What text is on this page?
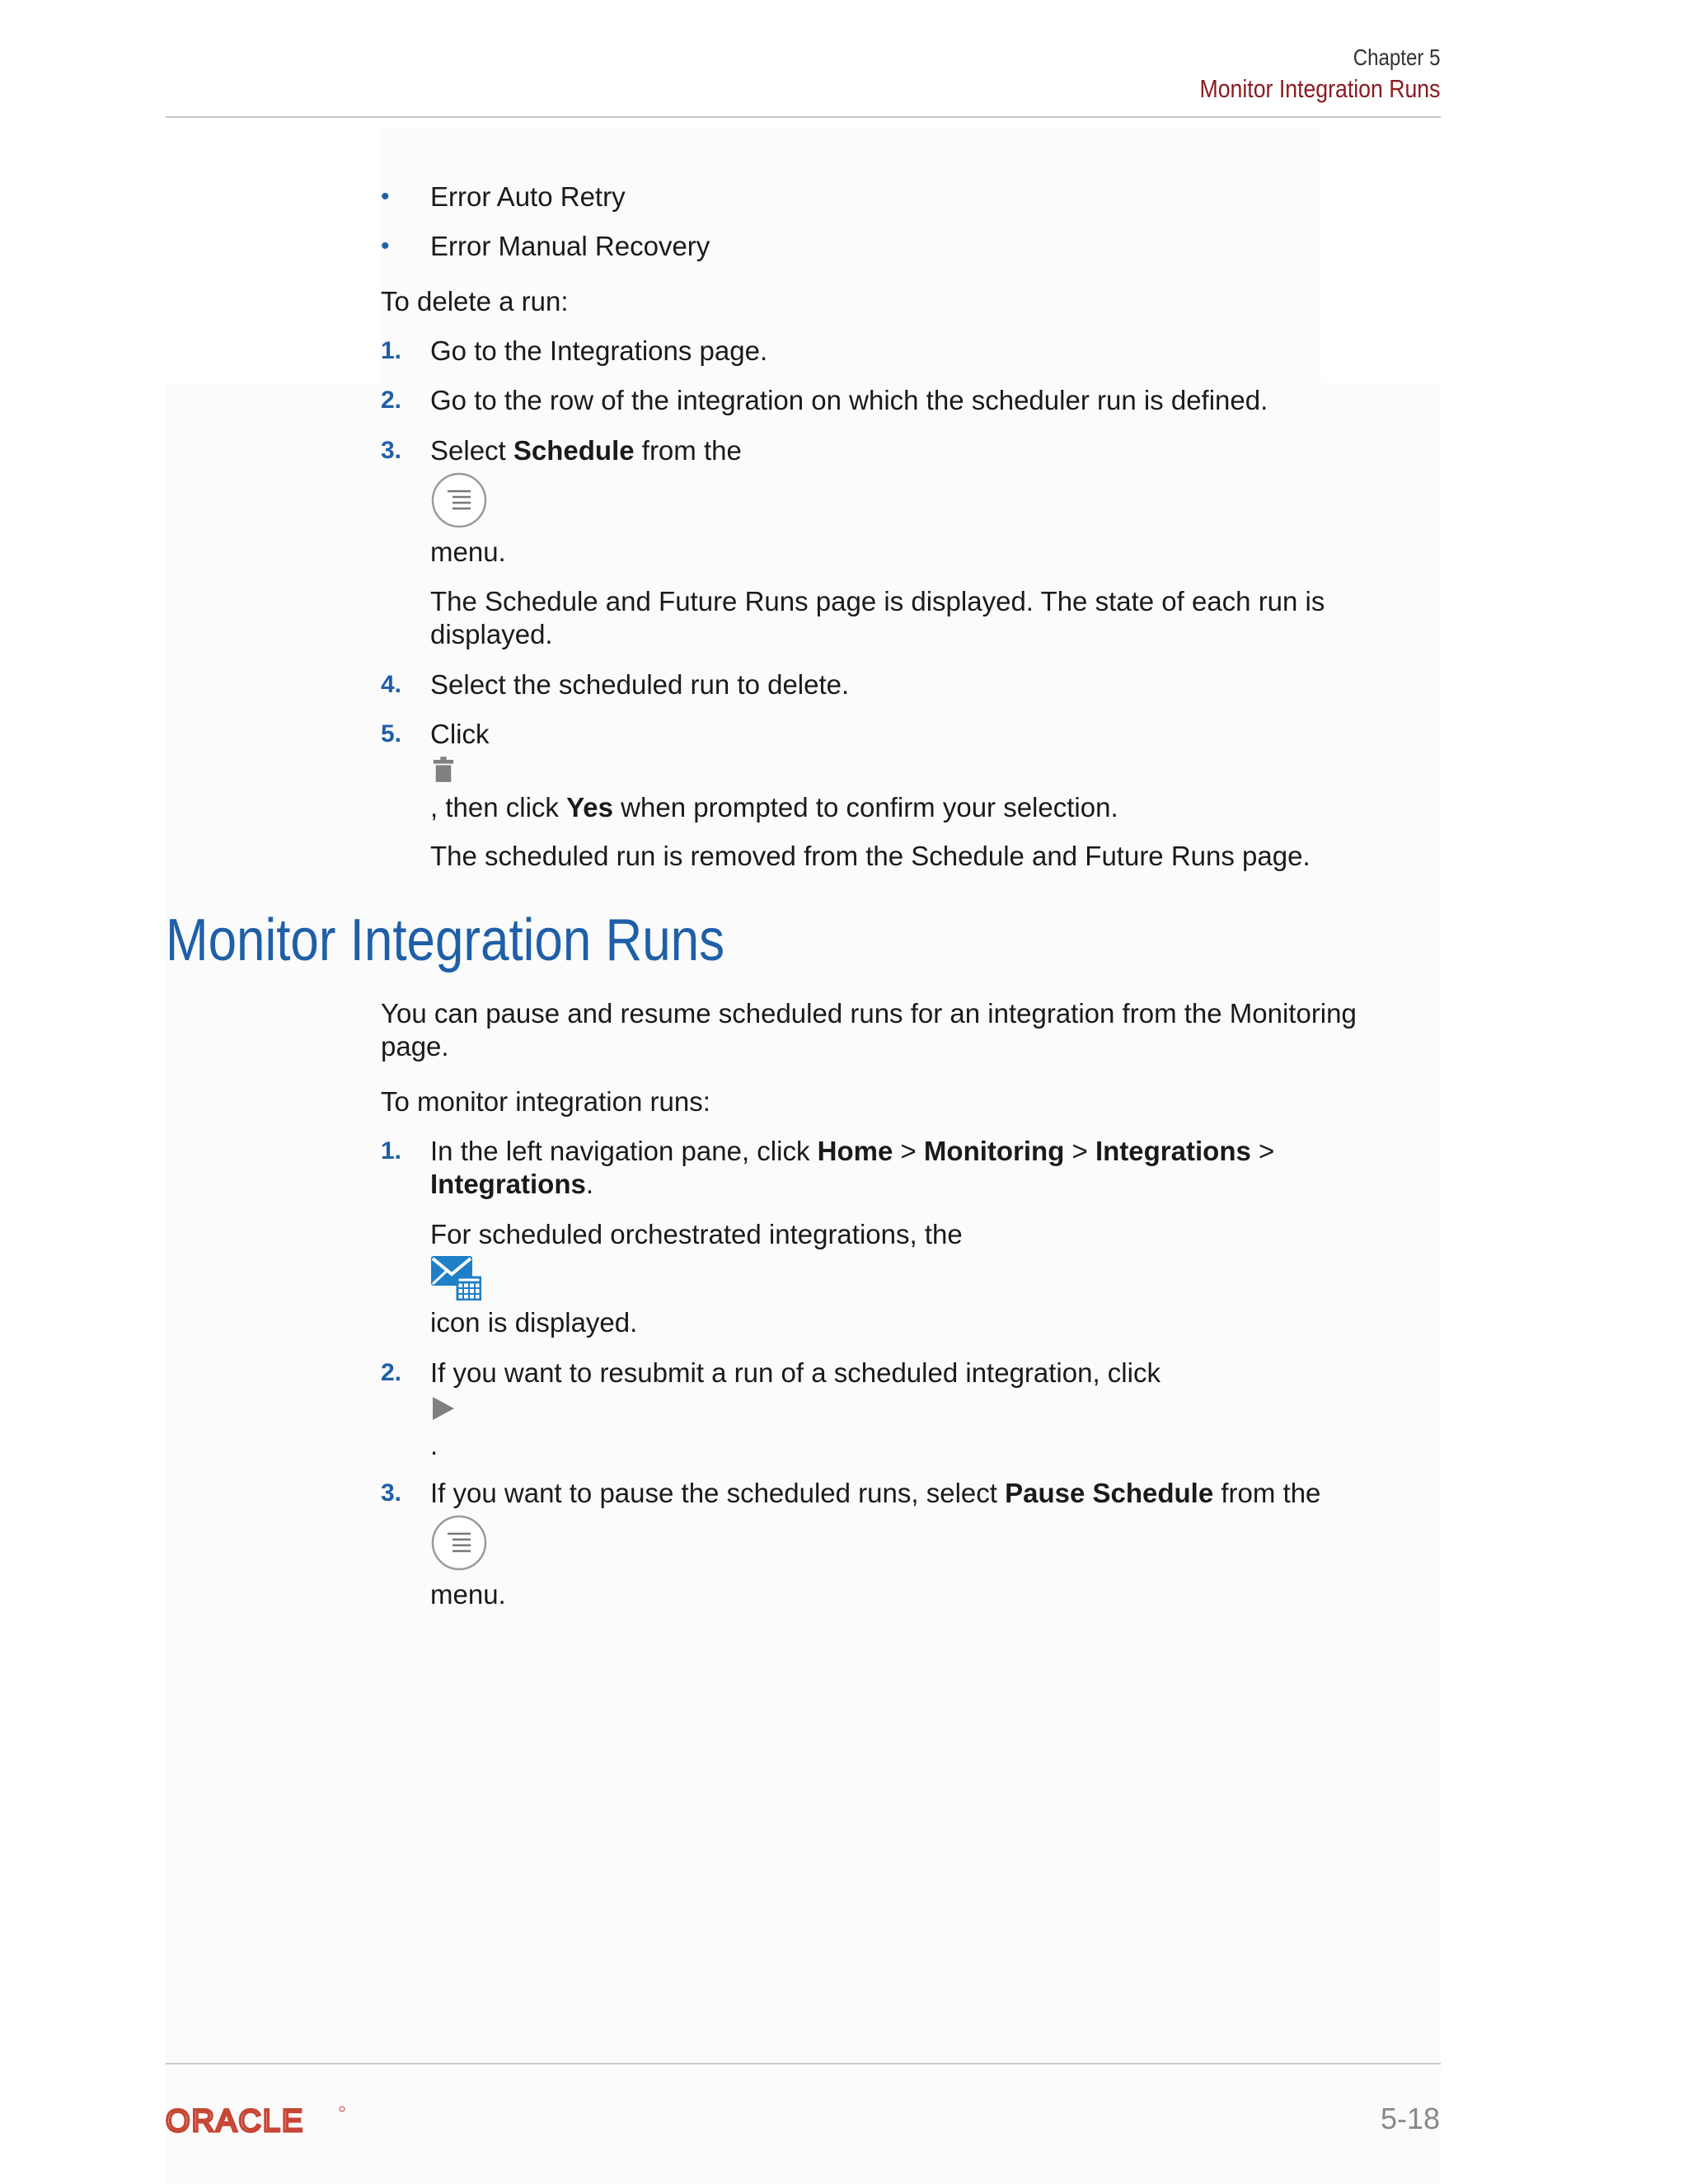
Chapter 5
Monitor Integration Runs
• Error Auto Retry
• Error Manual Recovery
To delete a run:
1. Go to the Integrations page.
2. Go to the row of the integration on which the scheduler run is defined.
3. Select Schedule from the
menu.
The Schedule and Future Runs page is displayed. The state of each run is displayed.
4. Select the scheduled run to delete.
5. Click
, then click Yes when prompted to confirm your selection.
The scheduled run is removed from the Schedule and Future Runs page.
Monitor Integration Runs
You can pause and resume scheduled runs for an integration from the Monitoring page.
To monitor integration runs:
1. In the left navigation pane, click Home > Monitoring > Integrations >
Integrations.
For scheduled orchestrated integrations, the
icon is displayed.
2. If you want to resubmit a run of a scheduled integration, click
.
3. If you want to pause the scheduled runs, select Pause Schedule from the
menu.
ORACLE	5-18
